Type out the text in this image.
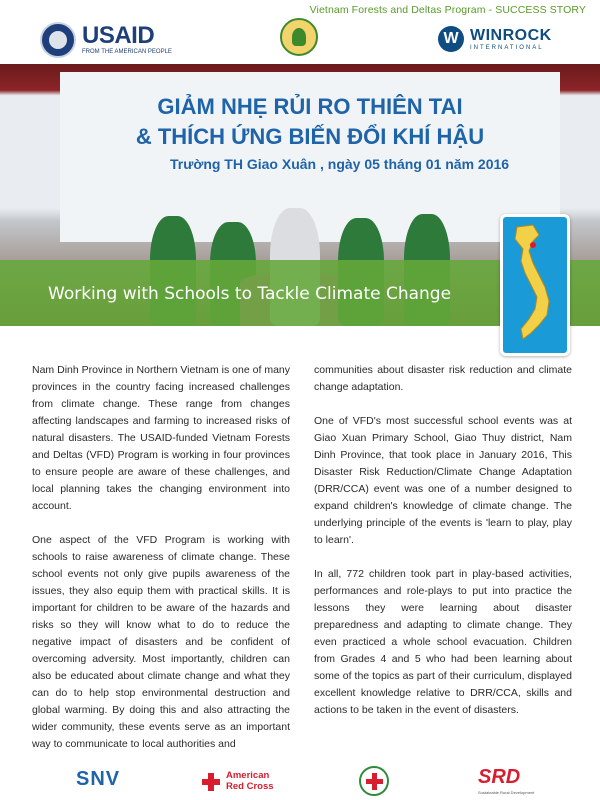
Vietnam Forests and Deltas Program - SUCCESS STORY
USAID
FROM THE AMERICAN PEOPLE
W WINROCK
INTERNATIONAL
GIẢM NHẸ RỦI RO THIÊN TAI
& THÍCH ỨNG BIẾN ĐỔI KHÍ HẬU
Trường TH Giao Xuân , ngày 05 tháng 01 năm 2016
Working with Schools to Tackle Climate Change

Nam Dinh Province in Northern Vietnam is one of many provinces in the country facing increased challenges from climate change. These range from changes affecting landscapes and farming to increased risks of natural disasters. The USAID-funded Vietnam Forests and Deltas (VFD) Program is working in four provinces to ensure people are aware of these challenges, and local planning takes the changing environment into account.

One aspect of the VFD Program is working with schools to raise awareness of climate change. These school events not only give pupils awareness of the issues, they also equip them with practical skills. It is important for children to be aware of the hazards and risks so they will know what to do to reduce the negative impact of disasters and be confident of overcoming adversity. Most importantly, children can also be educated about climate change and what they can do to help stop environmental destruction and global warming. By doing this and also attracting the wider community, these events serve as an important way to communicate to local authorities and

communities about disaster risk reduction and climate change adaptation.

One of VFD's most successful school events was at Giao Xuan Primary School, Giao Thuy district, Nam Dinh Province, that took place in January 2016, This Disaster Risk Reduction/Climate Change Adaptation (DRR/CCA) event was one of a number designed to expand children's knowledge of climate change. The underlying principle of the events is 'learn to play, play to learn'.

In all, 772 children took part in play-based activities, performances and role-plays to put into practice the lessons they were learning about disaster preparedness and adapting to climate change. They even practiced a whole school evacuation. Children from Grades 4 and 5 who had been learning about some of the topics as part of their curriculum, displayed excellent knowledge relative to DRR/CCA, skills and actions to be taken in the event of disasters.

SNV	American
Red Cross	SRD
Sustainable Rural Development
